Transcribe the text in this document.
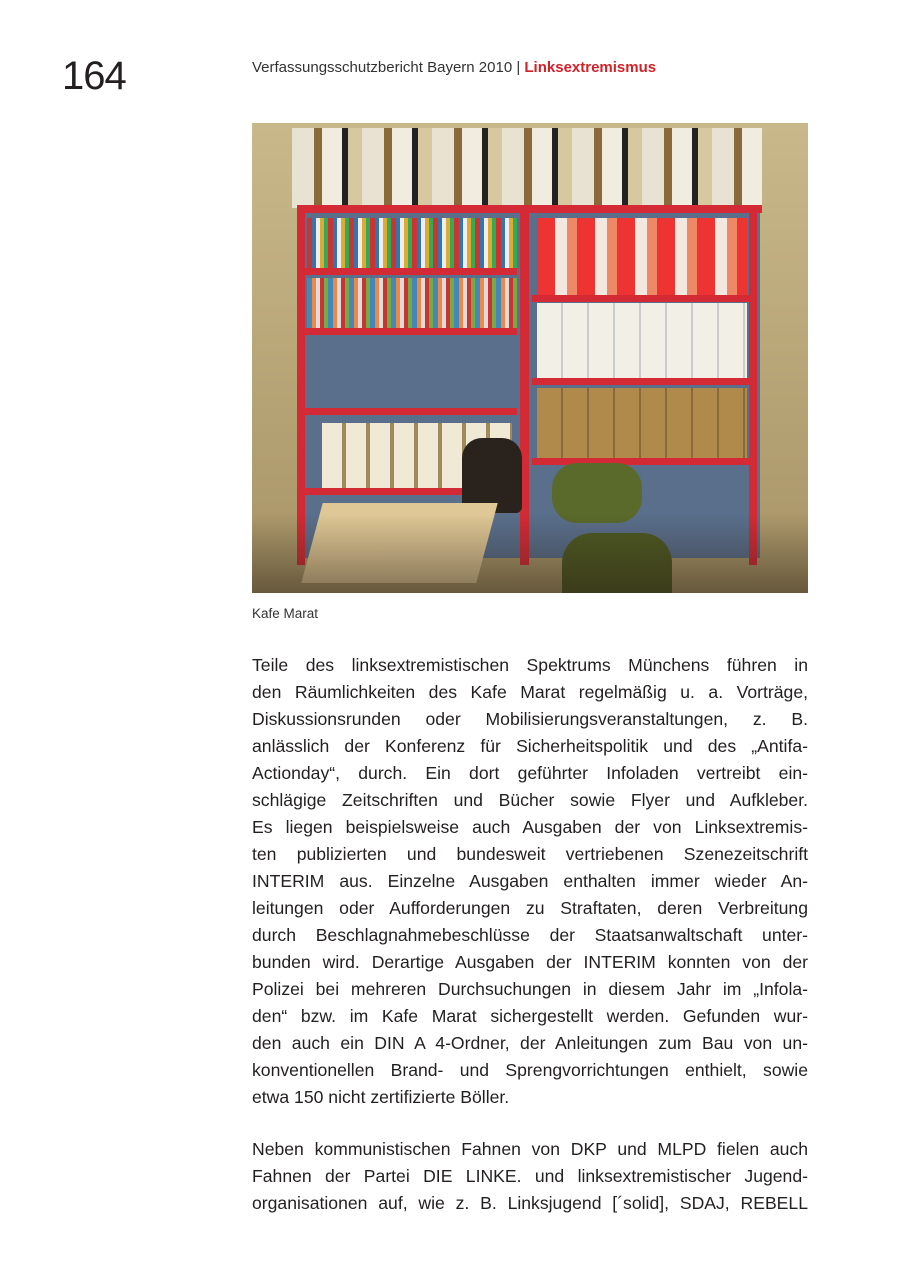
164	Verfassungsschutzbericht Bayern 2010 | Linksextremismus
Kafe Marat
Teile des linksextremistischen Spektrums Münchens führen in
den Räumlichkeiten des Kafe Marat regelmäßig u. a. Vorträge,
Diskussionsrunden oder Mobilisierungsveranstaltungen, z. B.
anlässlich der Konferenz für Sicherheitspolitik und des „Antifa-
Actionday“, durch. Ein dort geführter Infoladen vertreibt ein-
schlägige Zeitschriften und Bücher sowie Flyer und Aufkleber.
Es liegen beispielsweise auch Ausgaben der von Linksextremis-
ten publizierten und bundesweit vertriebenen Szenezeitschrift
INTERIM aus. Einzelne Ausgaben enthalten immer wieder An-
leitungen oder Aufforderungen zu Straftaten, deren Verbreitung
durch Beschlagnahmebeschlüsse der Staatsanwaltschaft unter-
bunden wird. Derartige Ausgaben der INTERIM konnten von der
Polizei bei mehreren Durchsuchungen in diesem Jahr im „Infola-
den“ bzw. im Kafe Marat sichergestellt werden. Gefunden wur-
den auch ein DIN A 4-Ordner, der Anleitungen zum Bau von un-
konventionellen Brand- und Sprengvorrichtungen enthielt, sowie
etwa 150 nicht zertifizierte Böller.
Neben kommunistischen Fahnen von DKP und MLPD fielen auch
Fahnen der Partei DIE LINKE. und linksextremistischer Jugend-
organisationen auf, wie z. B. Linksjugend [´solid], SDAJ, REBELL
